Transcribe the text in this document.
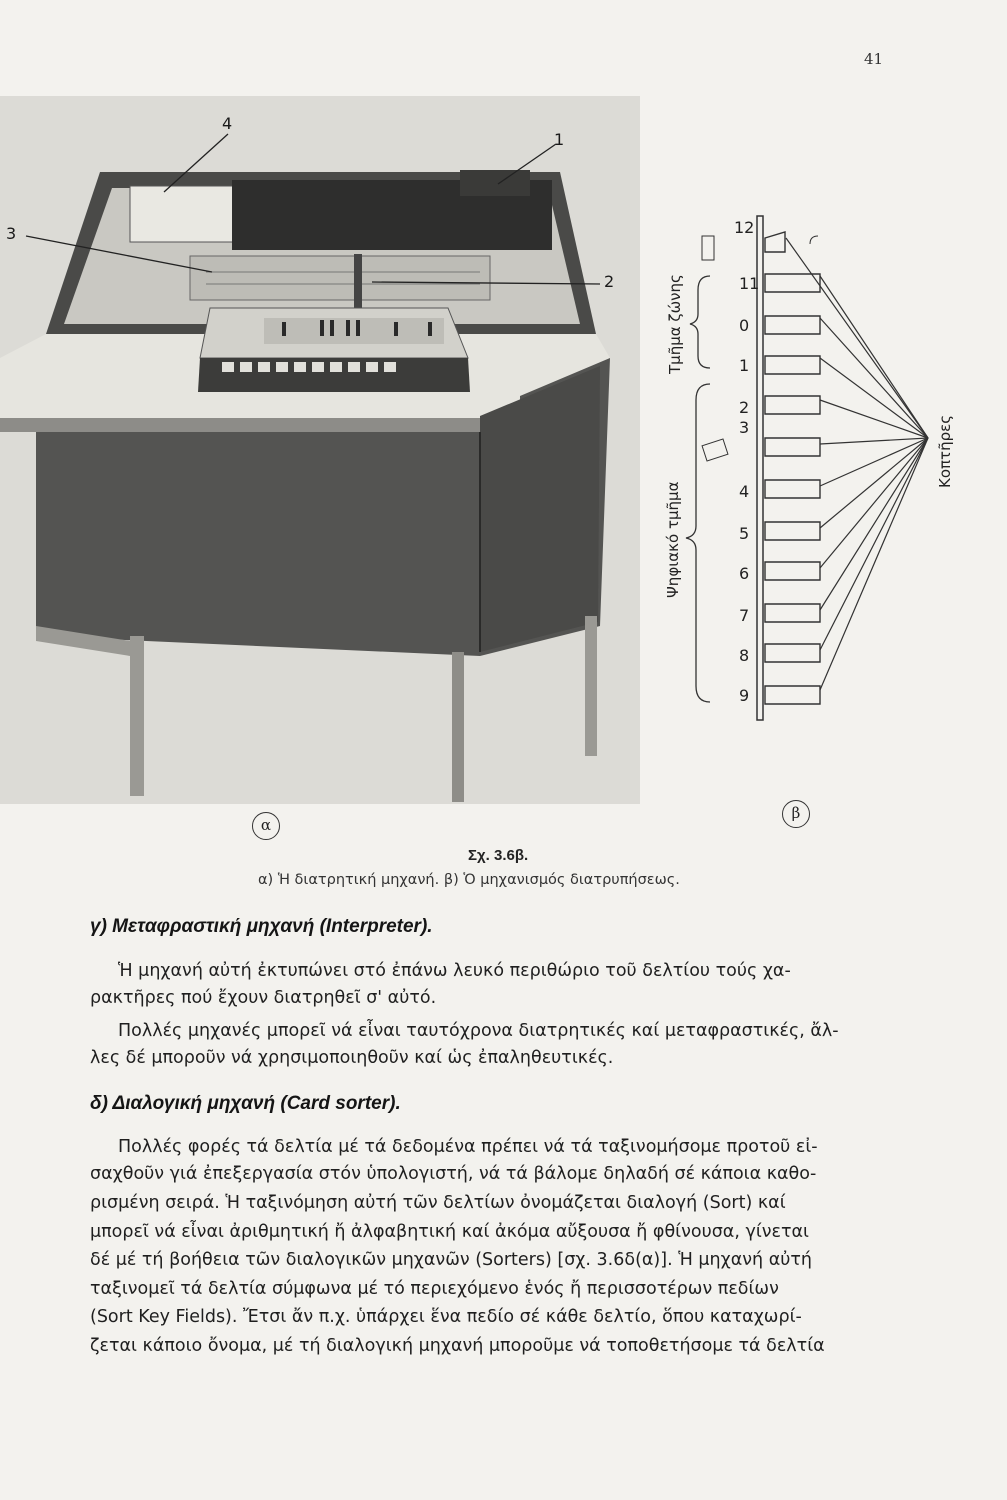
41
4
1
3
2
12
11
0
1
2
3
4
5
6
7
8
9
Τμῆμα ζώνης
Ψηφιακό τμῆμα
Κοπτῆρες
α
β
Σχ. 3.6β.
α) Ἡ διατρητική μηχανή. β) Ὁ μηχανισμός διατρυπήσεως.
γ) Μεταφραστική μηχανή (Interpreter).
Ἡ μηχανή αὐτή ἐκτυπώνει στό ἐπάνω λευκό περιθώριο τοῦ δελτίου τούς χα-
ρακτῆρες πού ἔχουν διατρηθεῖ σ' αὐτό.
Πολλές μηχανές μπορεῖ νά εἶναι ταυτόχρονα διατρητικές καί μεταφραστικές, ἄλ-
λες δέ μποροῦν νά χρησιμοποιηθοῦν καί ὡς ἐπαληθευτικές.
δ) Διαλογική μηχανή (Card sorter).
Πολλές φορές τά δελτία μέ τά δεδομένα πρέπει νά τά ταξινομήσομε προτοῦ εἰ-
σαχθοῦν γιά ἐπεξεργασία στόν ὑπολογιστή, νά τά βάλομε δηλαδή σέ κάποια καθο-
ρισμένη σειρά. Ἡ ταξινόμηση αὐτή τῶν δελτίων ὀνομάζεται διαλογή (Sort) καί
μπορεῖ νά εἶναι ἀριθμητική ἤ ἀλφαβητική καί ἀκόμα αὔξουσα ἤ φθίνουσα, γίνεται
δέ μέ τή βοήθεια τῶν διαλογικῶν μηχανῶν (Sorters) [σχ. 3.6δ(α)]. Ἡ μηχανή αὐτή
ταξινομεῖ τά δελτία σύμφωνα μέ τό περιεχόμενο ἑνός ἤ περισσοτέρων πεδίων
(Sort Key Fields). Ἔτσι ἄν π.χ. ὑπάρχει ἕνα πεδίο σέ κάθε δελτίο, ὅπου καταχωρί-
ζεται κάποιο ὄνομα, μέ τή διαλογική μηχανή μποροῦμε νά τοποθετήσομε τά δελτία
